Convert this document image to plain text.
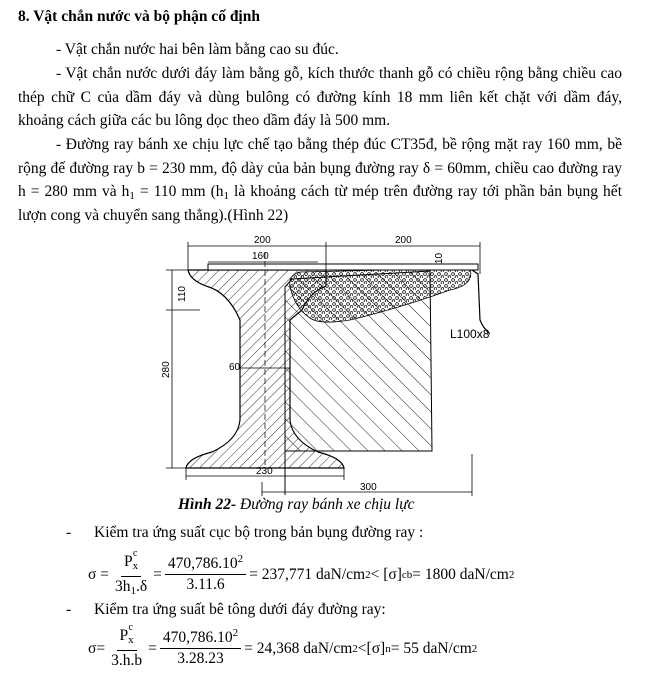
8. Vật chắn nước và bộ phận cố định

- Vật chắn nước hai bên làm bằng cao su đúc.

- Vật chắn nước dưới đáy làm bằng gỗ, kích thước thanh gỗ có chiều rộng bằng chiều cao thép chữ C của dầm đáy và dùng bulông có đường kính 18 mm liên kết chặt với dầm đáy, khoảng cách giữa các bu lông dọc theo dầm đáy là 500 mm.

- Đường ray bánh xe chịu lực chế tạo bằng thép đúc CT35đ, bề rộng mặt ray 160 mm, bề rộng đế đường ray b = 230 mm, độ dày của bản bụng đường ray δ = 60mm, chiều cao đường ray h = 280 mm và $h_1 = 110$ mm ($h_1$ là khoảng cách từ mép trên đường ray tới phần bản bụng hết lượn cong và chuyển sang thẳng).(Hình 22)

200	200
160	10
110
280	60
230
300
L100x8
Hình 22- Đường ray bánh xe chịu lực
- Kiểm tra ứng suất cục bộ trong bản bụng đường ray :
σ = P c
x
$3h_1.\delta = \frac{470,786.10^2}{3.11.6} = 237,771$ daN/cm 2 < [σ] cb = 1800 daN/cm 2
- Kiểm tra ứng suất bê tông dưới đáy đường ray:
σ= P c
x
$3.h.b = \frac{470,786.10^2}{3.28.23} = 24,368$ daN/cm 2 <[σ] n = 55 daN/cm 2
